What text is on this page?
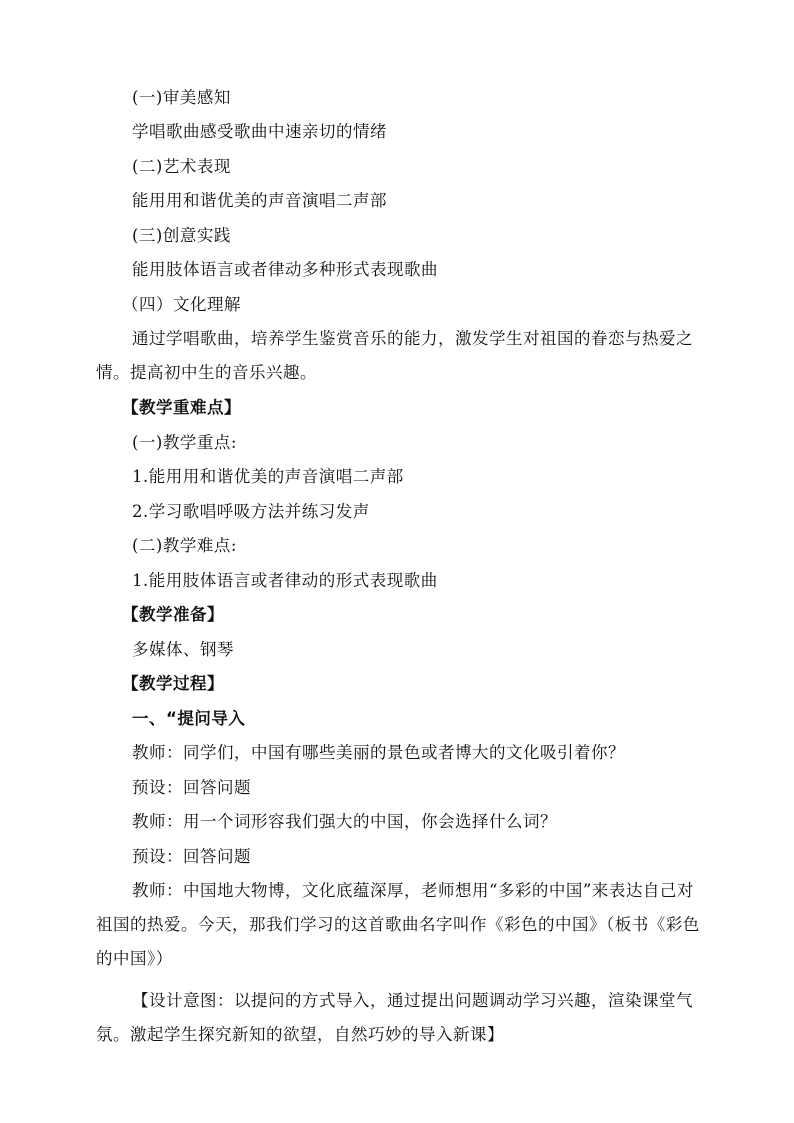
(一)审美感知
学唱歌曲感受歌曲中速亲切的情绪
(二)艺术表现
能用用和谐优美的声音演唱二声部
(三)创意实践
能用肢体语言或者律动多种形式表现歌曲
（四）文化理解
通过学唱歌曲，培养学生鉴赏音乐的能力，激发学生对祖国的眷恋与热爱之情。提高初中生的音乐兴趣。
【教学重难点】
(一)教学重点:
1.能用用和谐优美的声音演唱二声部
2.学习歌唱呼吸方法并练习发声
(二)教学难点:
1.能用肢体语言或者律动的形式表现歌曲
【教学准备】
多媒体、钢琴
【教学过程】
一、“提问导入
教师：同学们，中国有哪些美丽的景色或者博大的文化吸引着你？
预设：回答问题
教师：用一个词形容我们强大的中国，你会选择什么词？
预设：回答问题
教师：中国地大物博，文化底蕴深厚，老师想用“多彩的中国”来表达自己对祖国的热爱。今天，那我们学习的这首歌曲名字叫作《彩色的中国》（板书《彩色的中国》）
【设计意图：以提问的方式导入，通过提出问题调动学习兴趣，渲染课堂气氛。激起学生探究新知的欲望，自然巧妙的导入新课】
